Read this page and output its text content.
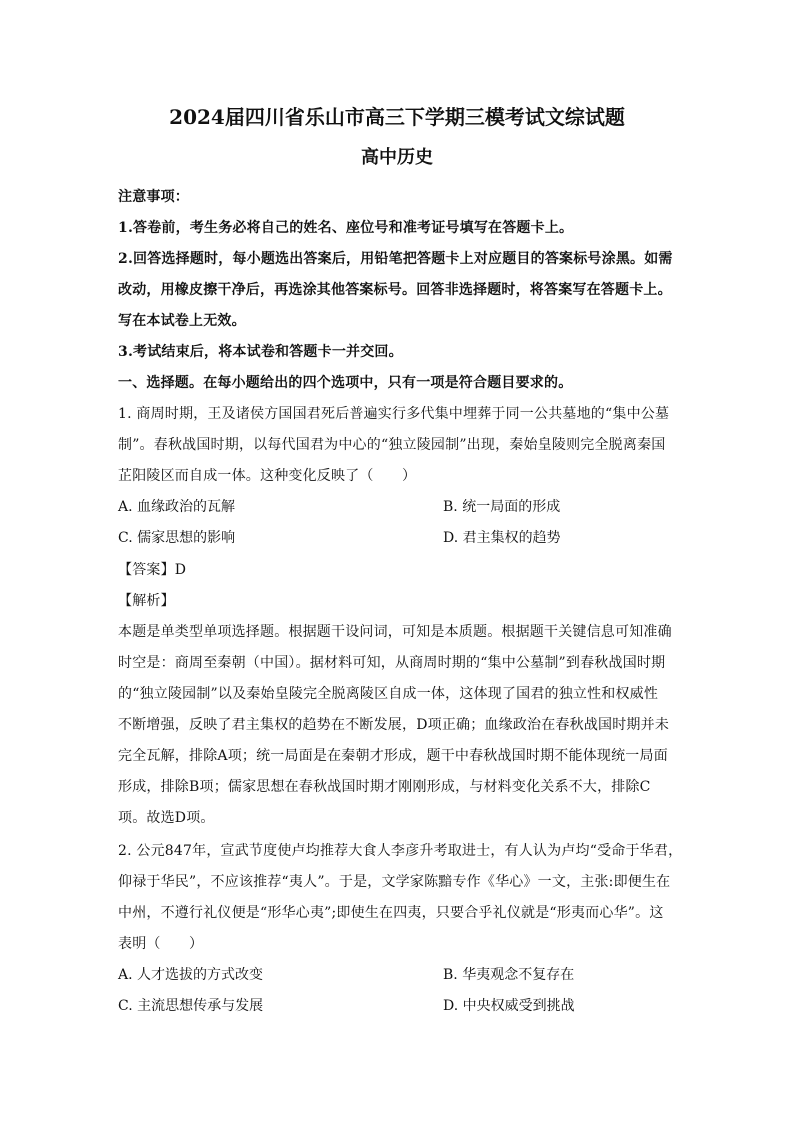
2024届四川省乐山市高三下学期三模考试文综试题
高中历史
注意事项：
1.答卷前，考生务必将自己的姓名、座位号和准考证号填写在答题卡上。
2.回答选择题时，每小题选出答案后，用铅笔把答题卡上对应题目的答案标号涂黑。如需
改动，用橡皮擦干净后，再选涂其他答案标号。回答非选择题时，将答案写在答题卡上。
写在本试卷上无效。
3.考试结束后，将本试卷和答题卡一并交回。
一、选择题。在每小题给出的四个选项中，只有一项是符合题目要求的。
1. 商周时期，王及诸侯方国国君死后普遍实行多代集中埋葬于同一公共墓地的“集中公墓
制”。春秋战国时期，以每代国君为中心的“独立陵园制”出现，秦始皇陵则完全脱离秦国
芷阳陵区而自成一体。这种变化反映了（　　）
A. 血缘政治的瓦解	B. 统一局面的形成
C. 儒家思想的影响	D. 君主集权的趋势
【答案】D
【解析】
本题是单类型单项选择题。根据题干设问词，可知是本质题。根据题干关键信息可知准确
时空是：商周至秦朝（中国）。据材料可知，从商周时期的“集中公墓制”到春秋战国时期
的“独立陵园制”以及秦始皇陵完全脱离陵区自成一体，这体现了国君的独立性和权威性
不断增强，反映了君主集权的趋势在不断发展，D项正确；血缘政治在春秋战国时期并未
完全瓦解，排除A项；统一局面是在秦朝才形成，题干中春秋战国时期不能体现统一局面
形成，排除B项；儒家思想在春秋战国时期才刚刚形成，与材料变化关系不大，排除C
项。故选D项。
2. 公元847年，宣武节度使卢均推荐大食人李彦升考取进士，有人认为卢均“受命于华君，
仰禄于华民”，不应该推荐“夷人”。于是，文学家陈黯专作《华心》一文，主张:即便生在
中州，不遵行礼仪便是“形华心夷”;即使生在四夷，只要合乎礼仪就是“形夷而心华”。这
表明（　　）
A. 人才选拔的方式改变	B. 华夷观念不复存在
C. 主流思想传承与发展	D. 中央权威受到挑战
